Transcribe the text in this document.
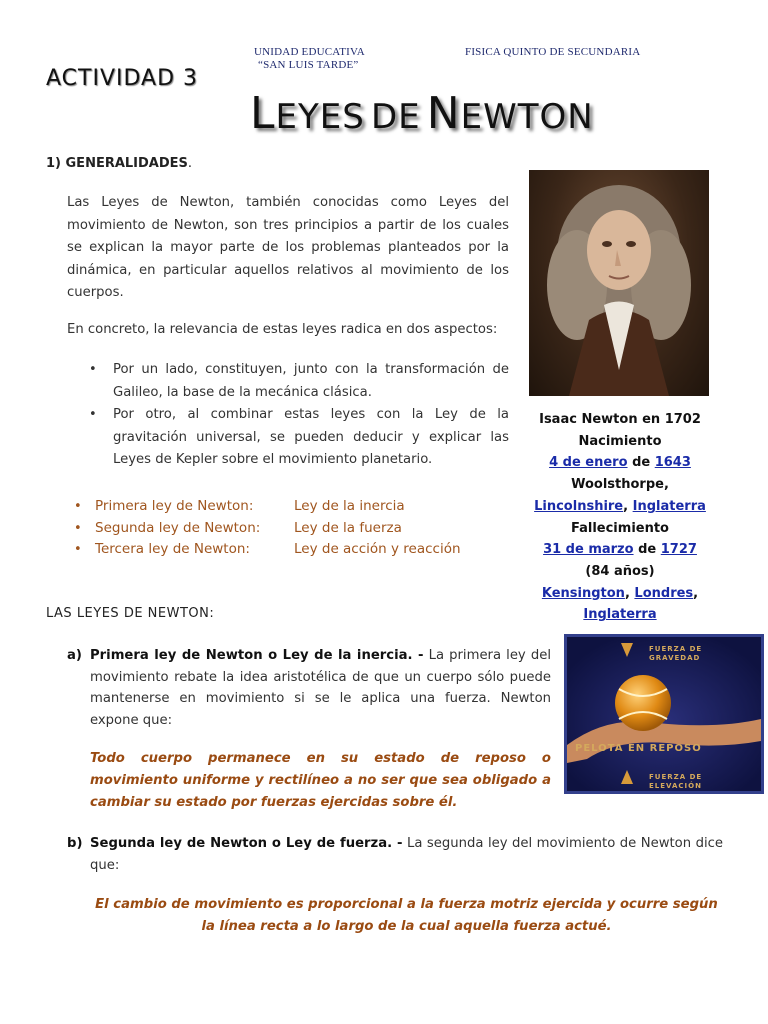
UNIDAD EDUCATIVA
“SAN LUIS TARDE”
FISICA QUINTO DE SECUNDARIA
ACTIVIDAD 3
LEYES DE NEWTON
1) GENERALIDADES.
Las Leyes de Newton, también conocidas como Leyes del movimiento de Newton, son tres principios a partir de los cuales se explican la mayor parte de los problemas planteados por la dinámica, en particular aquellos relativos al movimiento de los cuerpos.
En concreto, la relevancia de estas leyes radica en dos aspectos:
• Por un lado, constituyen, junto con la transformación de Galileo, la base de la mecánica clásica.
• Por otro, al combinar estas leyes con la Ley de la gravitación universal, se pueden deducir y explicar las Leyes de Kepler sobre el movimiento planetario.
• Primera ley de Newton:	Ley de la inercia
• Segunda ley de Newton: Ley de la fuerza
• Tercera ley de Newton:	Ley de acción y reacción
Isaac Newton en 1702
Nacimiento
4 de enero de 1643
Woolsthorpe,
Lincolnshire, Inglaterra
Fallecimiento
31 de marzo de 1727
(84 años)
Kensington, Londres,
Inglaterra
LAS LEYES DE NEWTON:
a) Primera ley de Newton o Ley de la inercia. - La primera ley del movimiento rebate la idea aristotélica de que un cuerpo sólo puede mantenerse en movimiento si se le aplica una fuerza. Newton expone que:
Todo cuerpo permanece en su estado de reposo o movimiento uniforme y rectilíneo a no ser que sea obligado a cambiar su estado por fuerzas ejercidas sobre él.
b) Segunda ley de Newton o Ley de fuerza. - La segunda ley del movimiento de Newton dice que:
El cambio de movimiento es proporcional a la fuerza motriz ejercida y ocurre según la línea recta a lo largo de la cual aquella fuerza actué.
FUERZA DE
GRAVEDAD
PELOTA EN REPOSO
FUERZA DE
ELEVACIÓN
